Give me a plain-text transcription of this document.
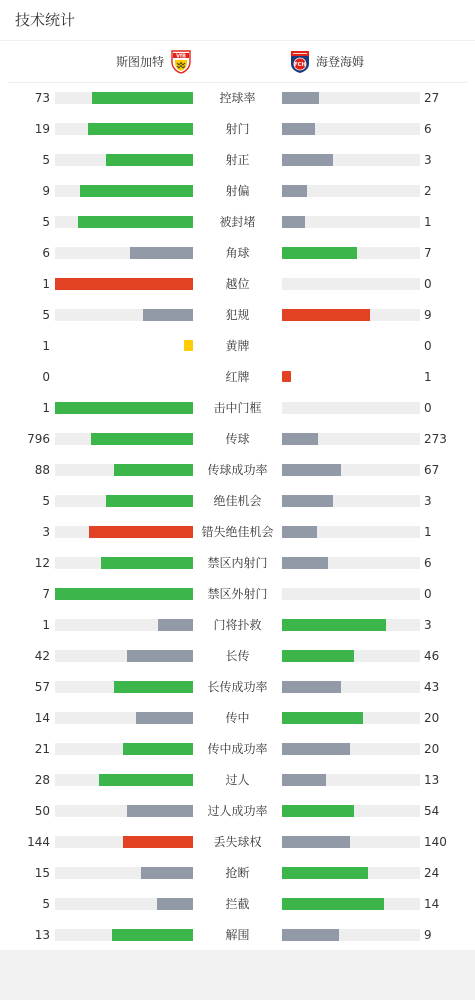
技术统计
斯图加特 VfB
FCH 海登海姆
73	控球率	27
19	射门	6
5	射正	3
9	射偏	2
5	被封堵	1
6	角球	7
1	越位	0
5	犯规	9
1	黄牌	0
0	红牌	1
1	击中门框	0
796	传球	273
88	传球成功率	67
5	绝佳机会	3
3	错失绝佳机会	1
12	禁区内射门	6
7	禁区外射门	0
1	门将扑救	3
42	长传	46
57	长传成功率	43
14	传中	20
21	传中成功率	20
28	过人	13
50	过人成功率	54
144	丢失球权	140
15	抢断	24
5	拦截	14
13	解围	9
